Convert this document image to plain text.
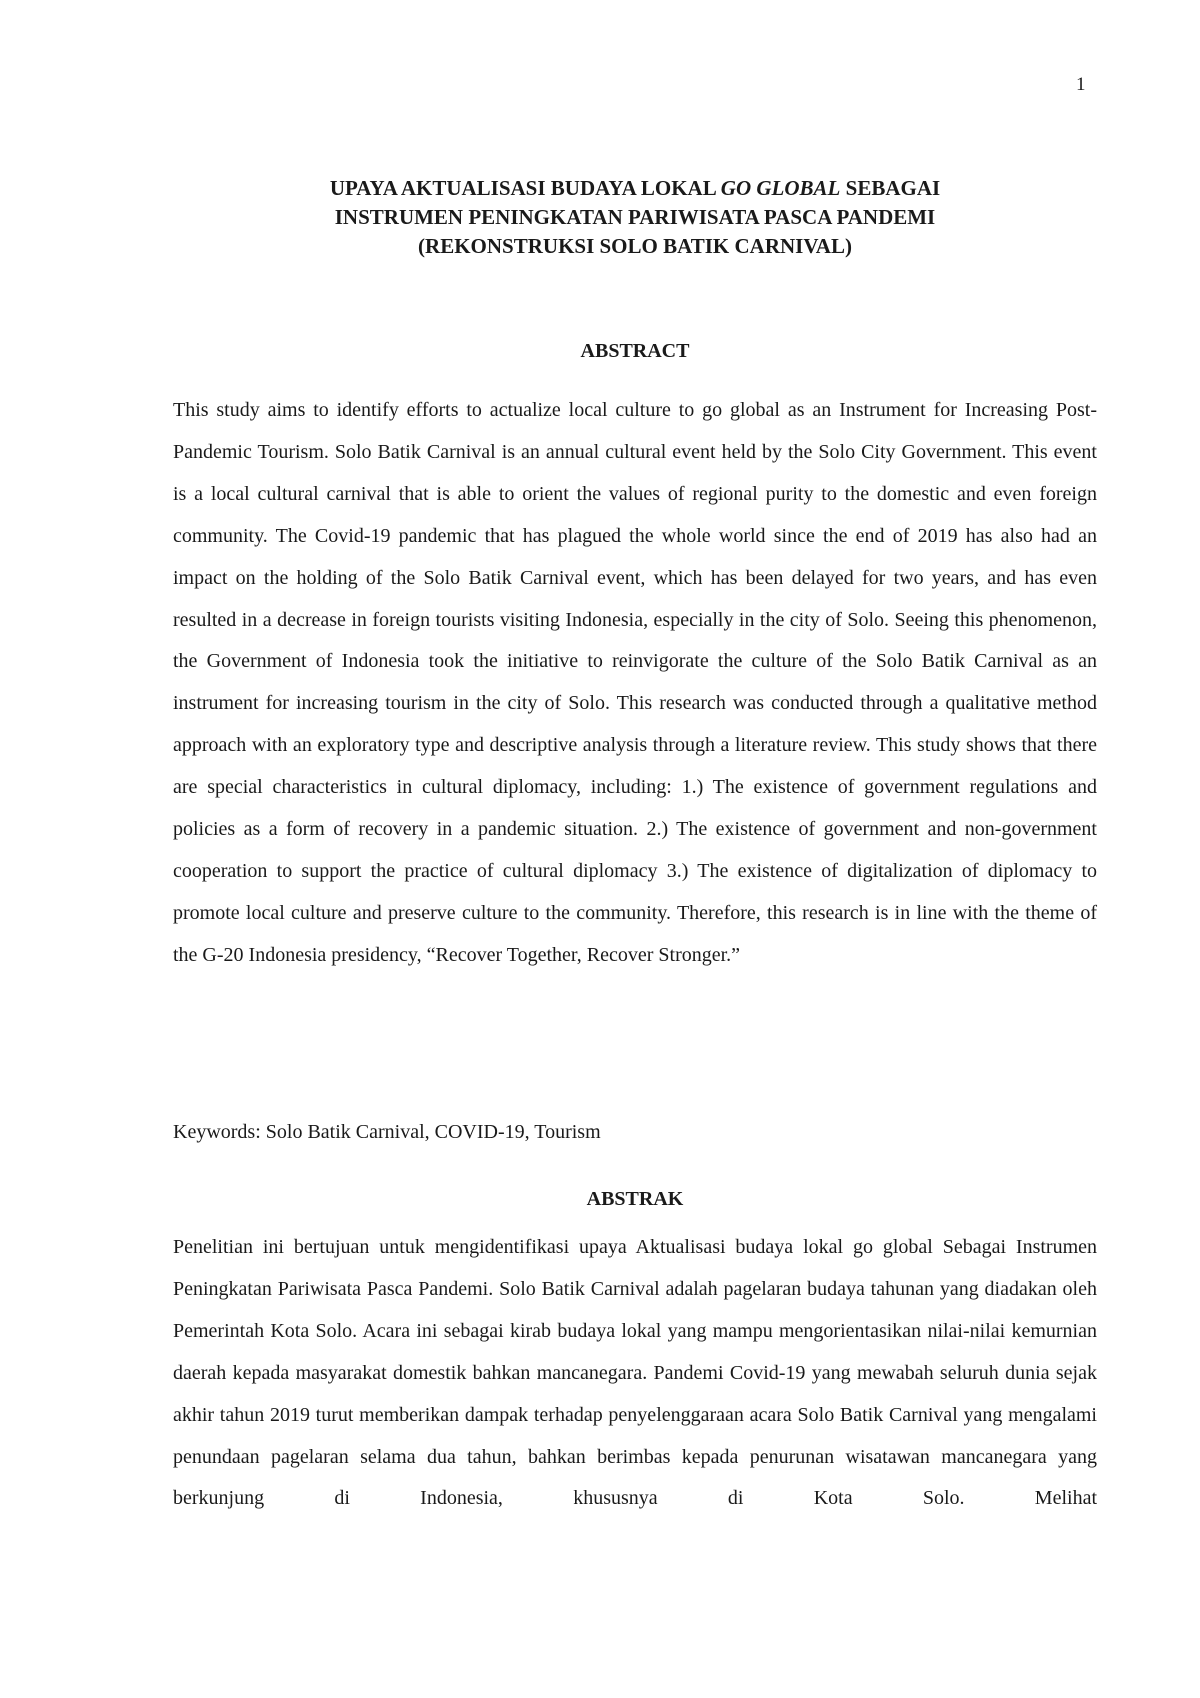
1
UPAYA AKTUALISASI BUDAYA LOKAL GO GLOBAL SEBAGAI
INSTRUMEN PENINGKATAN PARIWISATA PASCA PANDEMI
(REKONSTRUKSI SOLO BATIK CARNIVAL)
ABSTRACT

This study aims to identify efforts to actualize local culture to go global as an Instrument for Increasing Post-Pandemic Tourism. Solo Batik Carnival is an annual cultural event held by the Solo City Government. This event is a local cultural carnival that is able to orient the values of regional purity to the domestic and even foreign community. The Covid-19 pandemic that has plagued the whole world since the end of 2019 has also had an impact on the holding of the Solo Batik Carnival event, which has been delayed for two years, and has even resulted in a decrease in foreign tourists visiting Indonesia, especially in the city of Solo. Seeing this phenomenon, the Government of Indonesia took the initiative to reinvigorate the culture of the Solo Batik Carnival as an instrument for increasing tourism in the city of Solo. This research was conducted through a qualitative method approach with an exploratory type and descriptive analysis through a literature review. This study shows that there are special characteristics in cultural diplomacy, including: 1.) The existence of government regulations and policies as a form of recovery in a pandemic situation. 2.) The existence of government and non-government cooperation to support the practice of cultural diplomacy 3.) The existence of digitalization of diplomacy to promote local culture and preserve culture to the community. Therefore, this research is in line with the theme of the G-20 Indonesia presidency, “Recover Together, Recover Stronger.”

Keywords: Solo Batik Carnival, COVID-19, Tourism

ABSTRAK

Penelitian ini bertujuan untuk mengidentifikasi upaya Aktualisasi budaya lokal go global Sebagai Instrumen Peningkatan Pariwisata Pasca Pandemi. Solo Batik Carnival adalah pagelaran budaya tahunan yang diadakan oleh Pemerintah Kota Solo. Acara ini sebagai kirab budaya lokal yang mampu mengorientasikan nilai-nilai kemurnian daerah kepada masyarakat domestik bahkan mancanegara. Pandemi Covid-19 yang mewabah seluruh dunia sejak akhir tahun 2019 turut memberikan dampak terhadap penyelenggaraan acara Solo Batik Carnival yang mengalami penundaan pagelaran selama dua tahun, bahkan berimbas kepada penurunan wisatawan mancanegara yang berkunjung di Indonesia, khususnya di Kota Solo. Melihat
